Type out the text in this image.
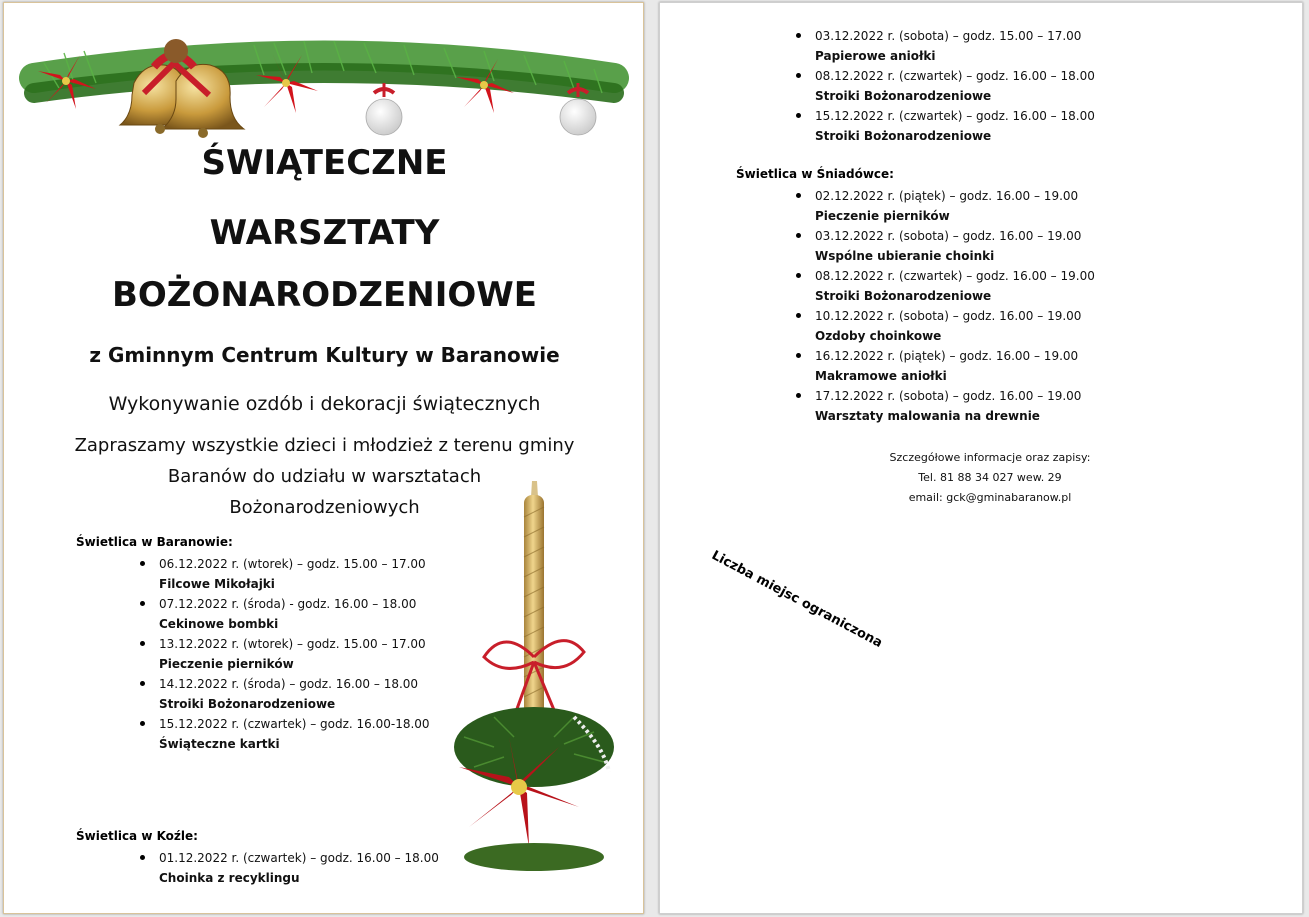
ŚWIĄTECZNE
WARSZTATY
BOŻONARODZENIOWE
z Gminnym Centrum Kultury w Baranowie
Wykonywanie ozdób i dekoracji świątecznych
Zapraszamy wszystkie dzieci i młodzież z terenu gminy
Baranów do udziału w warsztatach
Bożonarodzeniowych
Świetlica w Baranowie:
06.12.2022 r. (wtorek) – godz. 15.00 – 17.00
Filcowe Mikołajki
07.12.2022 r. (środa) - godz. 16.00 – 18.00
Cekinowe bombki
13.12.2022 r. (wtorek) – godz. 15.00 – 17.00
Pieczenie pierników
14.12.2022 r. (środa) – godz. 16.00 – 18.00
Stroiki Bożonarodzeniowe
15.12.2022 r. (czwartek) – godz. 16.00-18.00
Świąteczne kartki
Świetlica w Koźle:
01.12.2022 r. (czwartek) – godz. 16.00 – 18.00
Choinka z recyklingu
03.12.2022 r. (sobota) – godz. 15.00 – 17.00
Papierowe aniołki
08.12.2022 r. (czwartek) – godz. 16.00 – 18.00
Stroiki Bożonarodzeniowe
15.12.2022 r. (czwartek) – godz. 16.00 – 18.00
Stroiki Bożonarodzeniowe
Świetlica w Śniadówce:
02.12.2022 r. (piątek) – godz. 16.00 – 19.00
Pieczenie pierników
03.12.2022 r. (sobota) – godz. 16.00 – 19.00
Wspólne ubieranie choinki
08.12.2022 r. (czwartek) – godz. 16.00 – 19.00
Stroiki Bożonarodzeniowe
10.12.2022 r. (sobota) – godz. 16.00 – 19.00
Ozdoby choinkowe
16.12.2022 r. (piątek) – godz. 16.00 – 19.00
Makramowe aniołki
17.12.2022 r. (sobota) – godz. 16.00 – 19.00
Warsztaty malowania na drewnie
Szczegółowe informacje oraz zapisy:
Tel. 81 88 34 027 wew. 29
email: gck@gminabaranow.pl
Liczba miejsc ograniczona
